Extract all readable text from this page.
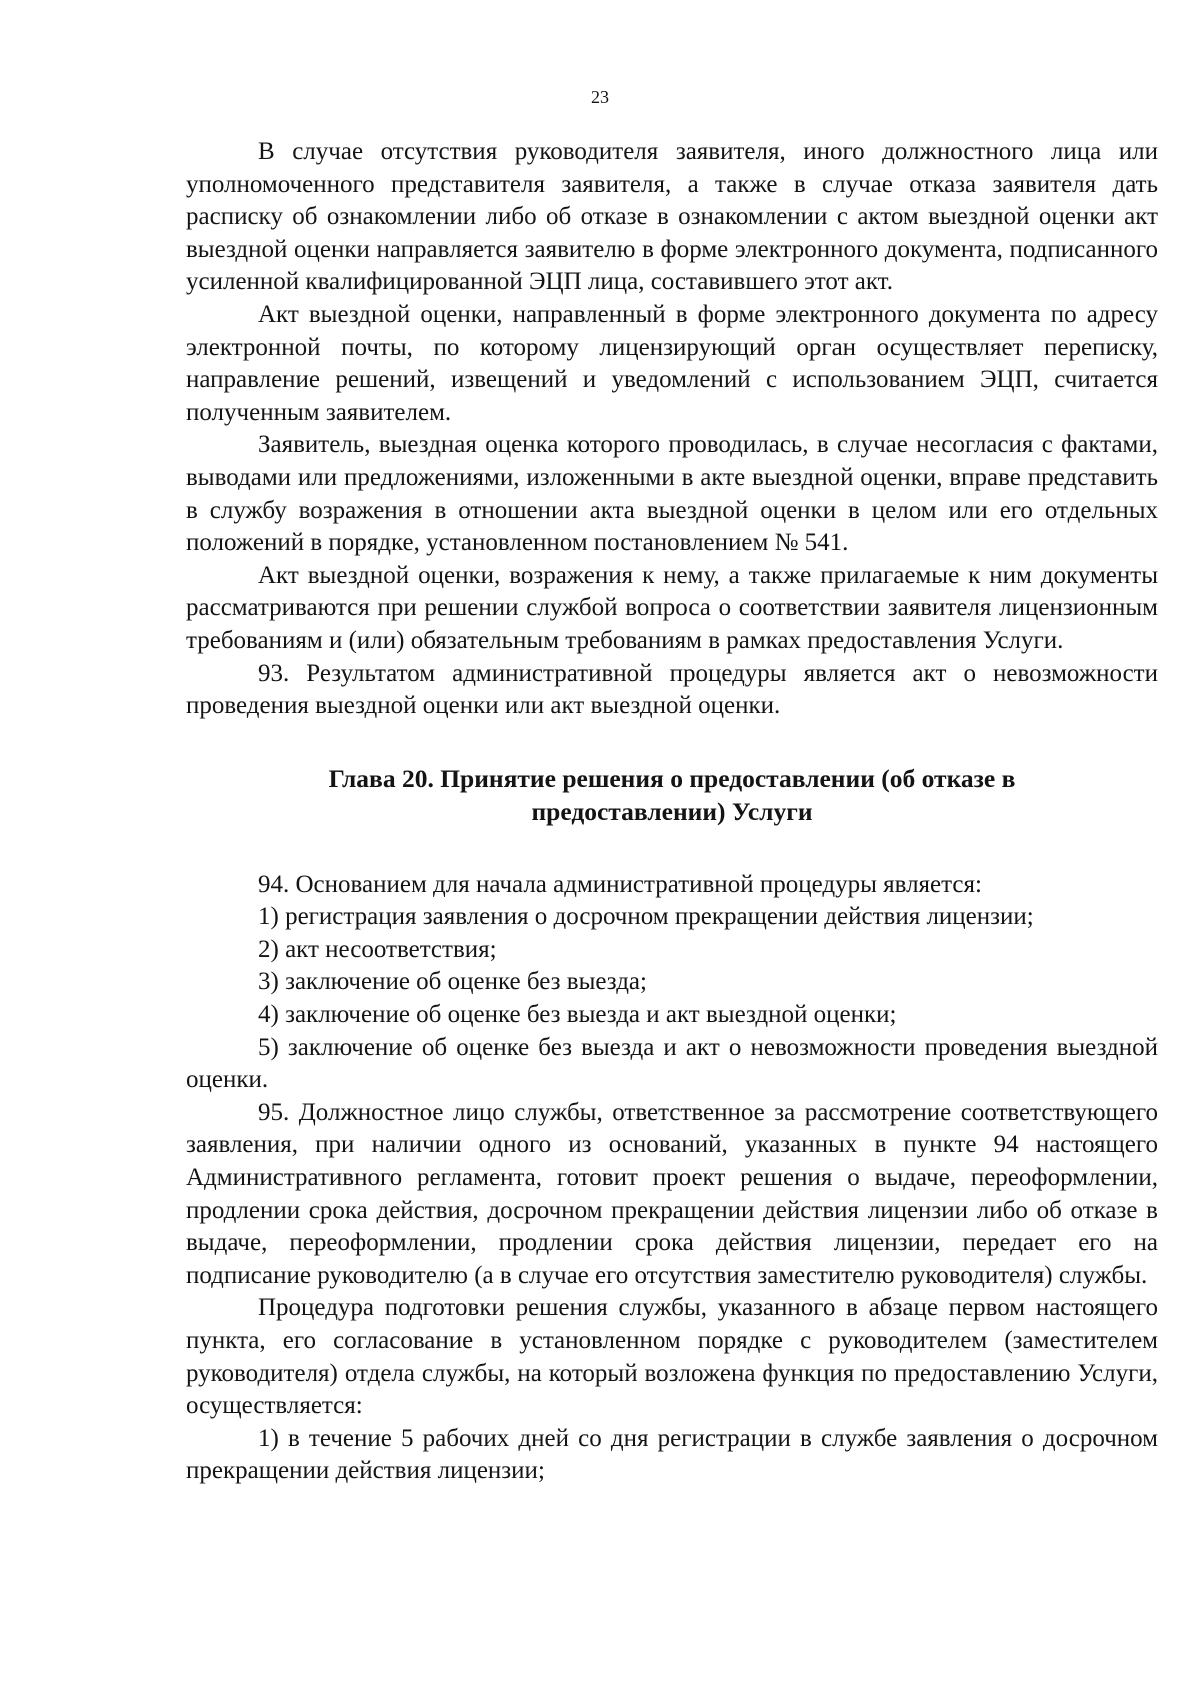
23

В случае отсутствия руководителя заявителя, иного должностного лица или уполномоченного представителя заявителя, а также в случае отказа заявителя дать расписку об ознакомлении либо об отказе в ознакомлении с актом выездной оценки акт выездной оценки направляется заявителю в форме электронного документа, подписанного усиленной квалифицированной ЭЦП лица, составившего этот акт.

Акт выездной оценки, направленный в форме электронного документа по адресу электронной почты, по которому лицензирующий орган осуществляет переписку, направление решений, извещений и уведомлений с использованием ЭЦП, считается полученным заявителем.

Заявитель, выездная оценка которого проводилась, в случае несогласия с фактами, выводами или предложениями, изложенными в акте выездной оценки, вправе представить в службу возражения в отношении акта выездной оценки в целом или его отдельных положений в порядке, установленном постановлением № 541.

Акт выездной оценки, возражения к нему, а также прилагаемые к ним документы рассматриваются при решении службой вопроса о соответствии заявителя лицензионным требованиям и (или) обязательным требованиям в рамках предоставления Услуги.

93. Результатом административной процедуры является акт о невозможности проведения выездной оценки или акт выездной оценки.

Глава 20. Принятие решения о предоставлении (об отказе в
предоставлении) Услуги

94. Основанием для начала административной процедуры является:

1) регистрация заявления о досрочном прекращении действия лицензии;

2) акт несоответствия;

3) заключение об оценке без выезда;

4) заключение об оценке без выезда и акт выездной оценки;

5) заключение об оценке без выезда и акт о невозможности проведения выездной оценки.

95. Должностное лицо службы, ответственное за рассмотрение соответствующего заявления, при наличии одного из оснований, указанных в пункте 94 настоящего Административного регламента, готовит проект решения о выдаче, переоформлении, продлении срока действия, досрочном прекращении действия лицензии либо об отказе в выдаче, переоформлении, продлении срока действия лицензии, передает его на подписание руководителю (а в случае его отсутствия заместителю руководителя) службы.

Процедура подготовки решения службы, указанного в абзаце первом настоящего пункта, его согласование в установленном порядке с руководителем (заместителем руководителя) отдела службы, на который возложена функция по предоставлению Услуги, осуществляется:

1) в течение 5 рабочих дней со дня регистрации в службе заявления о досрочном прекращении действия лицензии;
